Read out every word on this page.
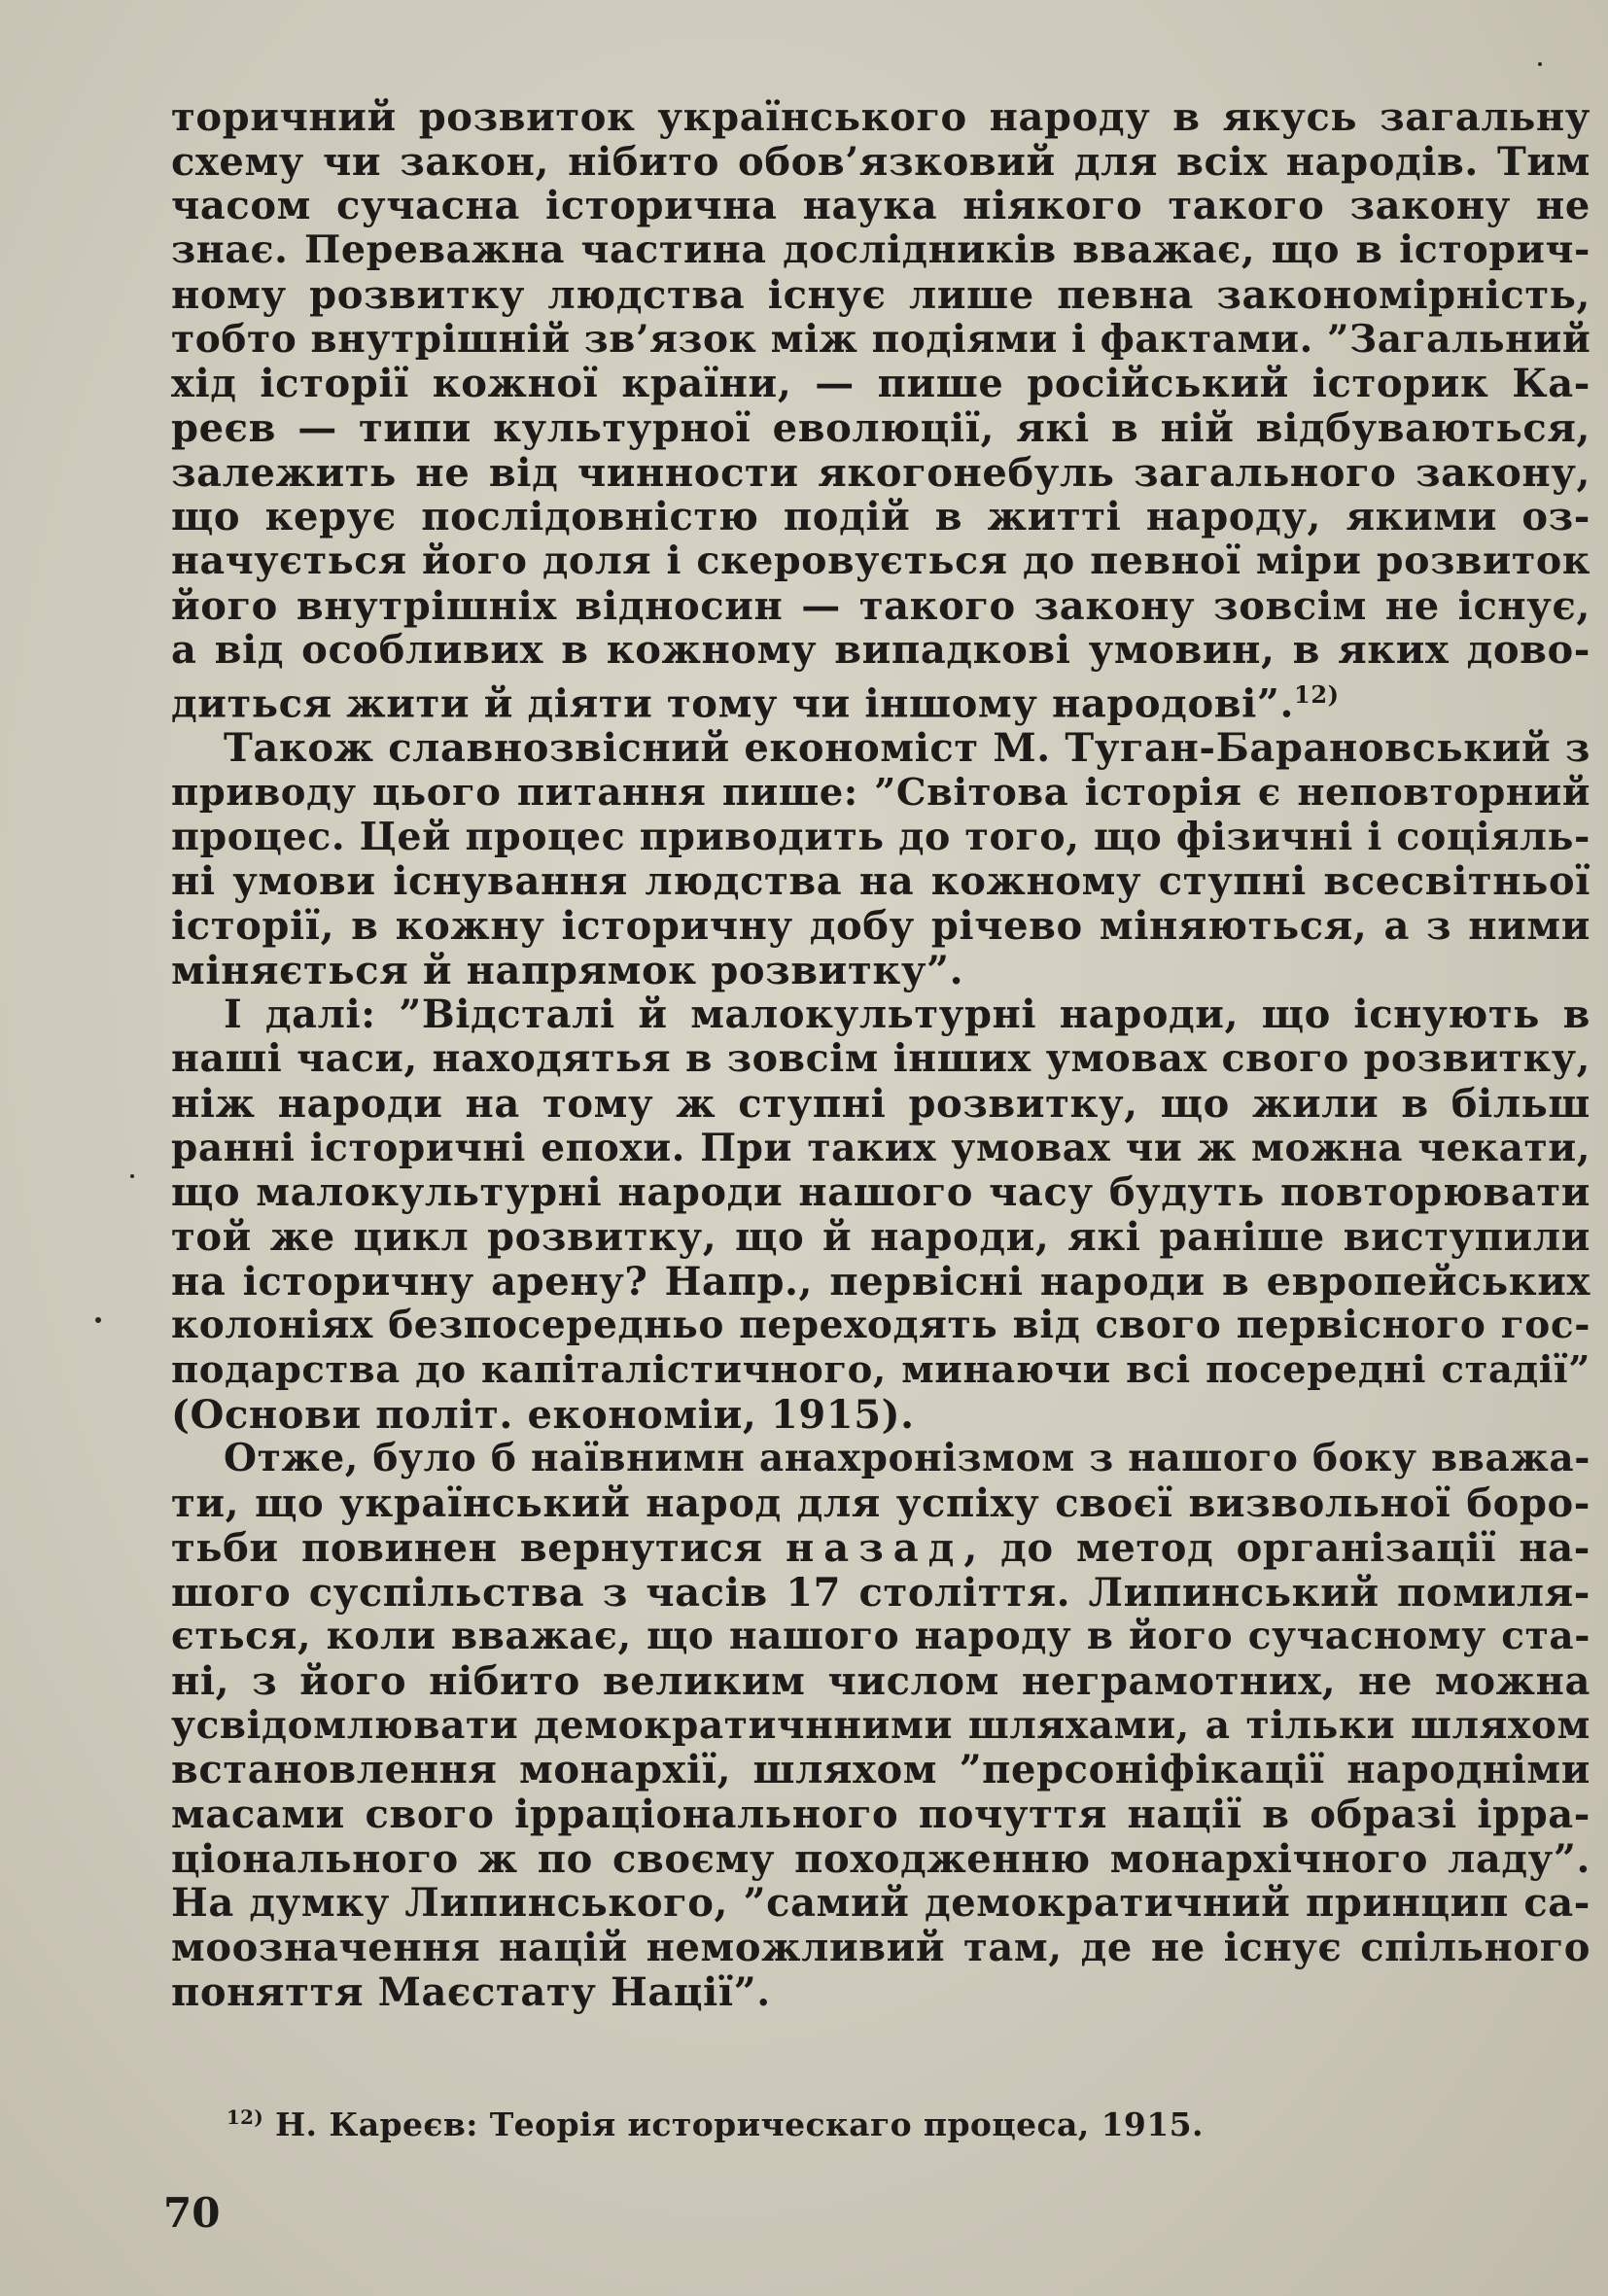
торичний розвиток українського народу в якусь загальну
схему чи закон, нібито обов’язковий для всіх народів. Тим
часом сучасна історична наука ніякого такого закону не
знає. Переважна частина дослідників вважає, що в історич-
ному розвитку людства існує лише певна закономірність,
тобто внутрішній зв’язок між подіями і фактами. ”Загальний
хід історії кожної країни, — пише російський історик Ка-
реєв — типи культурної еволюції, які в ній відбуваються,
залежить не від чинности якогонебуль загального закону,
що керує послідовністю подій в житті народу, якими оз-
начується його доля і скеровується до певної міри розвиток
його внутрішніх відносин — такого закону зовсім не існує,
а від особливих в кожному випадкові умовин, в яких дово-
диться жити й діяти тому чи іншому народові”.$^{12)}$
Також славнозвісний економіст М. Туган-Барановський з
приводу цього питання пише: ”Світова історія є неповторний
процес. Цей процес приводить до того, що фізичні і соціяль-
ні умови існування людства на кожному ступні всесвітньої
історії, в кожну історичну добу річево міняються, а з ними
міняється й напрямок розвитку”.
І далі: ”Відсталі й малокультурні народи, що існують в
наші часи, находятья в зовсім інших умовах свого розвитку,
ніж народи на тому ж ступні розвитку, що жили в більш
ранні історичні епохи. При таких умовах чи ж можна чекати,
що малокультурні народи нашого часу будуть повторювати
той же цикл розвитку, що й народи, які раніше виступили
на історичну арену? Напр., первісні народи в европейських
колоніях безпосередньо переходять від свого первісного гос-
подарства до капіталістичного, минаючи всі посередні стадії”
(Основи політ. економіи, 1915).
Отже, було б наївнимн анахронізмом з нашого боку вважа-
ти, що український народ для успіху своєї визвольної боро-
тьби повинен вернутися назад, до метод організації на-
шого суспільства з часів 17 століття. Липинський помиля-
ється, коли вважає, що нашого народу в його сучасному ста-
ні, з його нібито великим числом неграмотних, не можна
усвідомлювати демократичнними шляхами, а тільки шляхом
встановлення монархії, шляхом ”персоніфікації народніми
масами свого ірраціонального почуття нації в образі ірра-
ціонального ж по своєму походженню монархічного ладу”.
На думку Липинського, ”самий демократичний принцип са-
моозначення націй неможливий там, де не існує спільного
поняття Маєстату Нації”.
$^{12)}$ Н. Кареєв: Теорія историческаго процеса, 1915.
70
